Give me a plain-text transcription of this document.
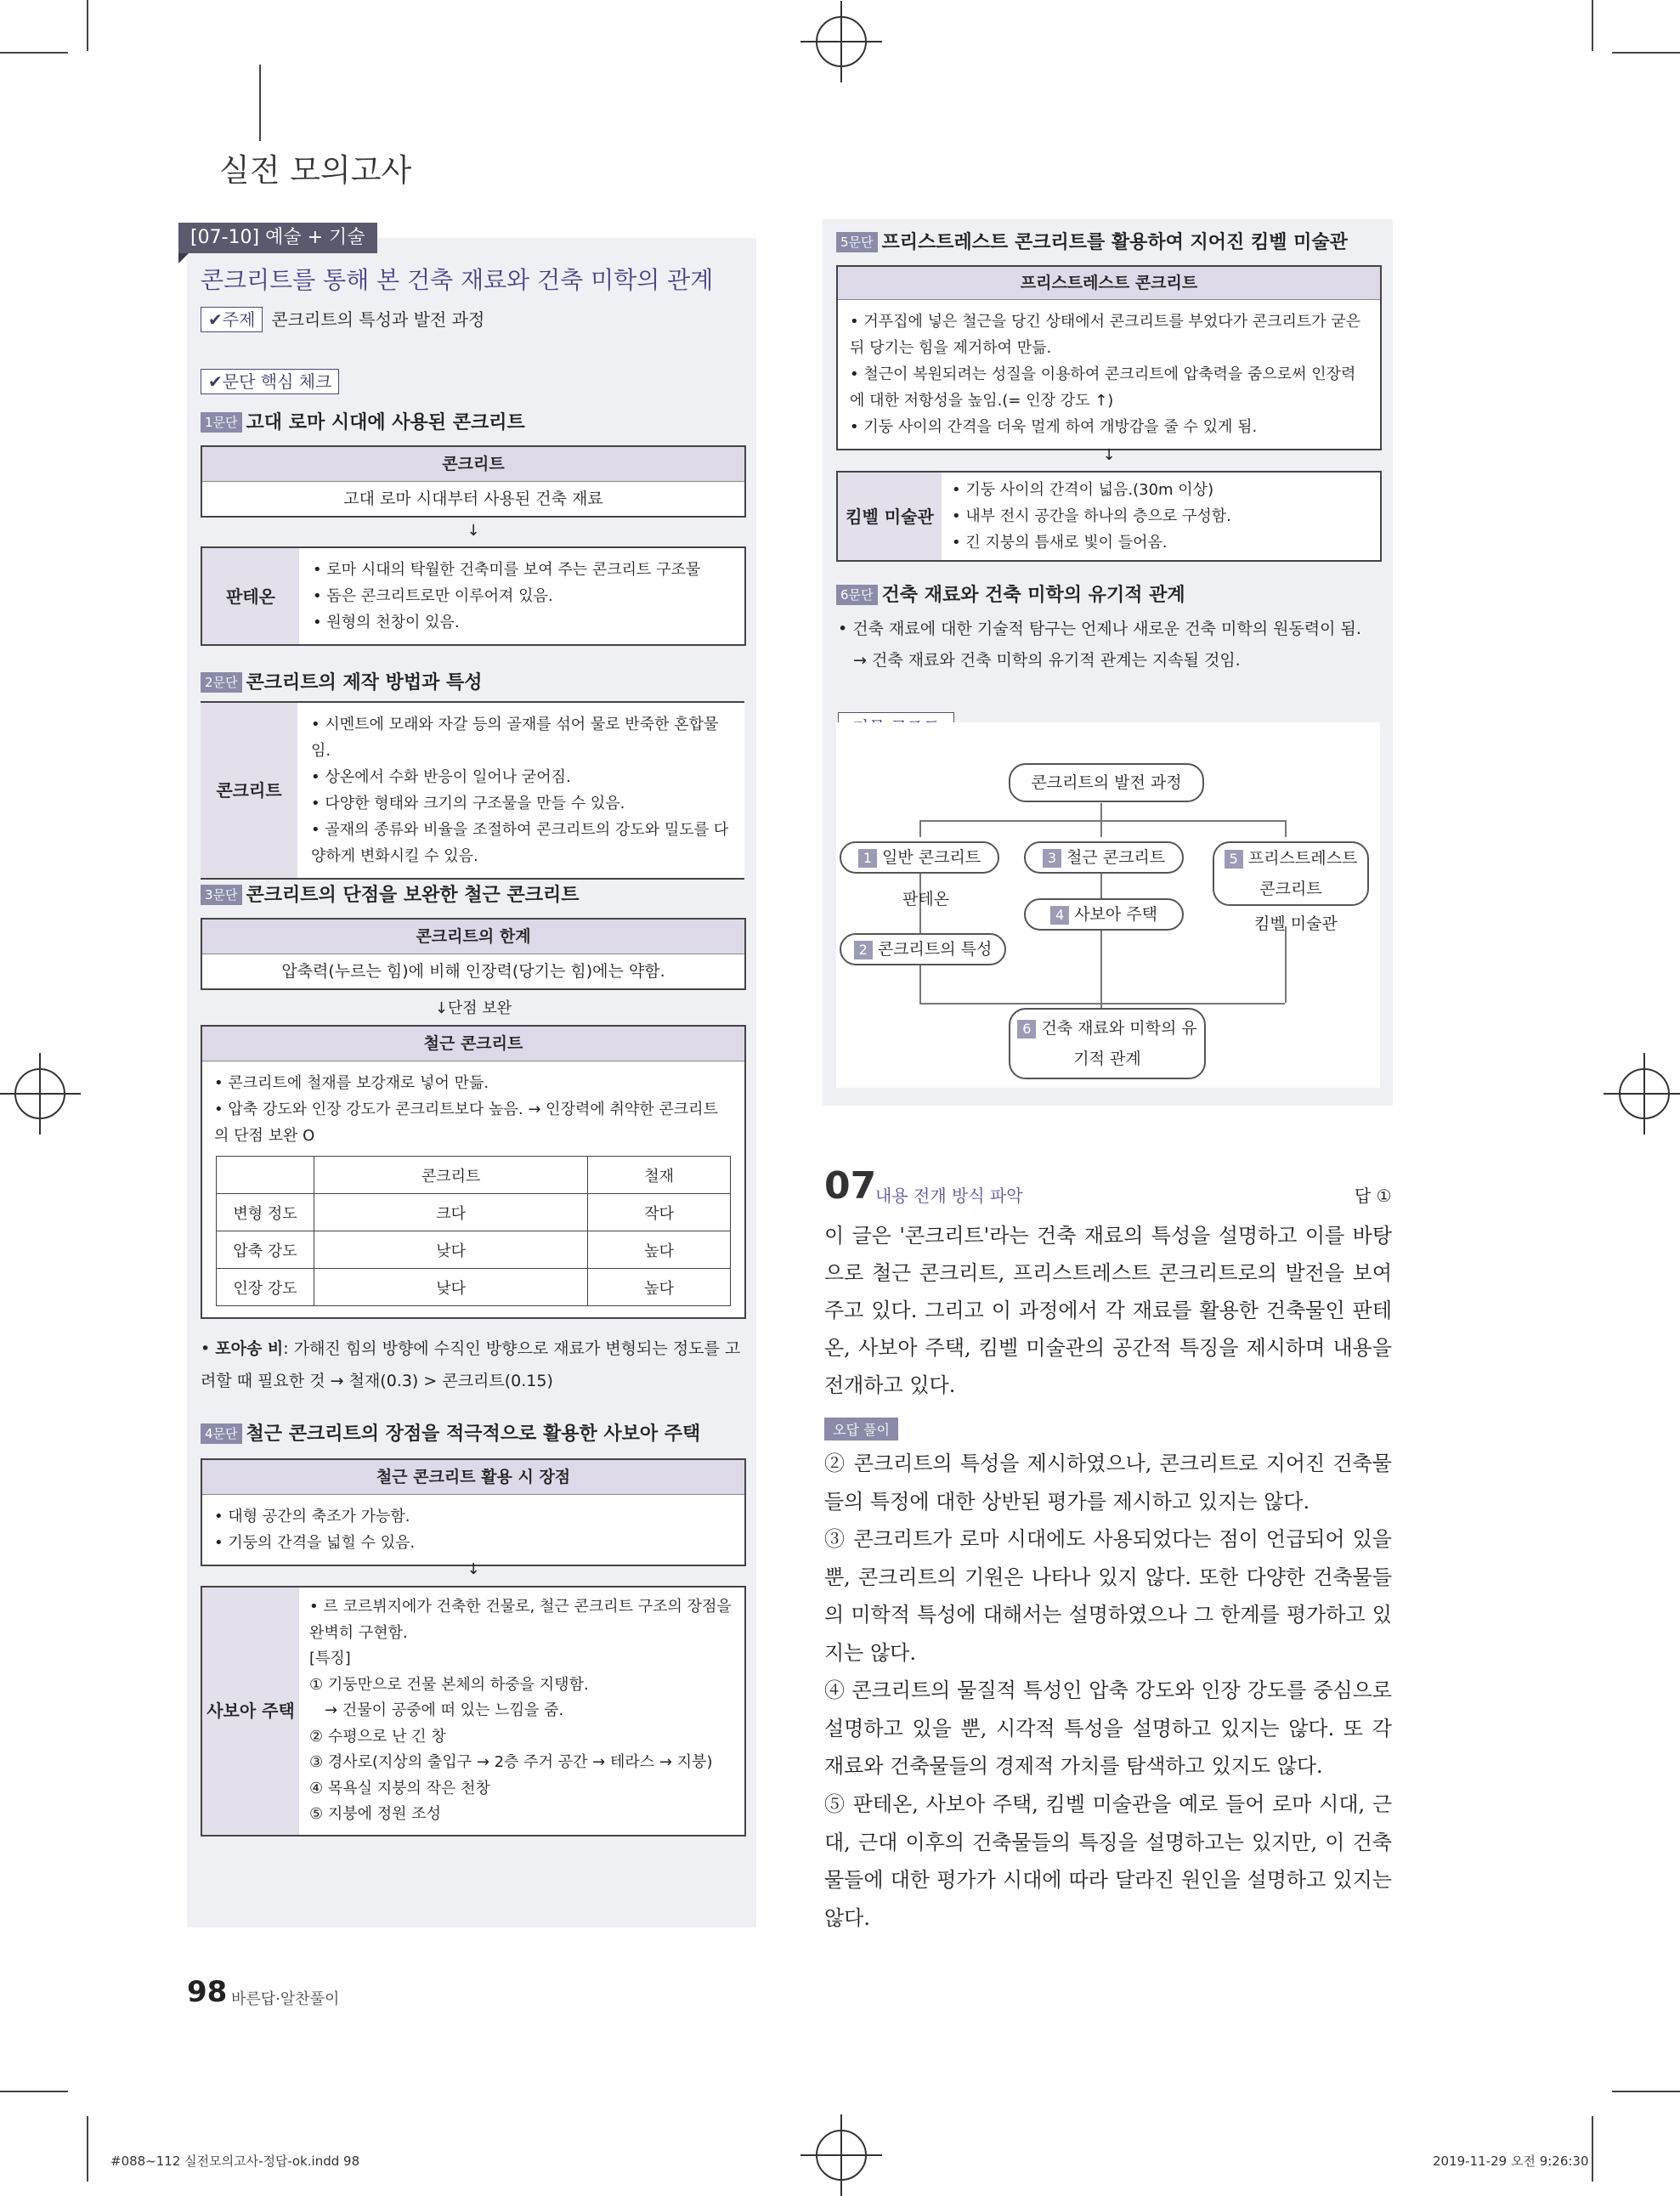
실전 모의고사
[07-10] 예술 + 기술
콘크리트를 통해 본 건축 재료와 건축 미학의 관계
✔주제 콘크리트의 특성과 발전 과정
✔문단 핵심 체크
1문단 고대 로마 시대에 사용된 콘크리트
콘크리트
고대 로마 시대부터 사용된 건축 재료
↓
판테온
• 로마 시대의 탁월한 건축미를 보여 주는 콘크리트 구조물
• 돔은 콘크리트로만 이루어져 있음.
• 원형의 천창이 있음.
2문단 콘크리트의 제작 방법과 특성
콘크리트
• 시멘트에 모래와 자갈 등의 골재를 섞어 물로 반죽한 혼합물임.
• 상온에서 수화 반응이 일어나 굳어짐.
• 다양한 형태와 크기의 구조물을 만들 수 있음.
• 골재의 종류와 비율을 조절하여 콘크리트의 강도와 밀도를 다양하게 변화시킬 수 있음.
3문단 콘크리트의 단점을 보완한 철근 콘크리트
콘크리트의 한계
압축력(누르는 힘)에 비해 인장력(당기는 힘)에는 약함.
↓단점 보완
철근 콘크리트
• 콘크리트에 철재를 보강재로 넣어 만듦.
• 압축 강도와 인장 강도가 콘크리트보다 높음. → 인장력에 취약한 콘크리트의 단점 보완 O
	콘크리트	철재
변형 정도	크다	작다
압축 강도	낮다	높다
인장 강도	낮다	높다
• 포아송 비: 가해진 힘의 방향에 수직인 방향으로 재료가 변형되는 정도를 고려할 때 필요한 것 → 철재(0.3) > 콘크리트(0.15)
4문단 철근 콘크리트의 장점을 적극적으로 활용한 사보아 주택
철근 콘크리트 활용 시 장점
• 대형 공간의 축조가 가능함.
• 기둥의 간격을 넓힐 수 있음.
↓
사보아 주택
• 르 코르뷔지에가 건축한 건물로, 철근 콘크리트 구조의 장점을 완벽히 구현함.
[특징]
① 기둥만으로 건물 본체의 하중을 지탱함.
→ 건물이 공중에 떠 있는 느낌을 줌.
② 수평으로 난 긴 창
③ 경사로(지상의 출입구 → 2층 주거 공간 → 테라스 → 지붕)
④ 목욕실 지붕의 작은 천창
⑤ 지붕에 정원 조성
5문단 프리스트레스트 콘크리트를 활용하여 지어진 킴벨 미술관
프리스트레스트 콘크리트
• 거푸집에 넣은 철근을 당긴 상태에서 콘크리트를 부었다가 콘크리트가 굳은 뒤 당기는 힘을 제거하여 만듦.
• 철근이 복원되려는 성질을 이용하여 콘크리트에 압축력을 줌으로써 인장력에 대한 저항성을 높임.(= 인장 강도 ↑)
• 기둥 사이의 간격을 더욱 멀게 하여 개방감을 줄 수 있게 됨.
↓
킴벨 미술관
• 기둥 사이의 간격이 넓음.(30m 이상)
• 내부 전시 공간을 하나의 층으로 구성함.
• 긴 지붕의 틈새로 빛이 들어옴.
6문단 건축 재료와 건축 미학의 유기적 관계
• 건축 재료에 대한 기술적 탐구는 언제나 새로운 건축 미학의 원동력이 됨.
→ 건축 재료와 건축 미학의 유기적 관계는 지속될 것임.
콘크리트의 발전 과정
1 일반 콘크리트
판테온
2 콘크리트의 특성
3 철근 콘크리트
4 사보아 주택
5 프리스트레스트 콘크리트
킴벨 미술관
6 건축 재료와 미학의 유기적 관계
07
내용 전개 방식 파악	답 ①
이 글은 '콘크리트'라는 건축 재료의 특성을 설명하고 이를 바탕으로 철근 콘크리트, 프리스트레스트 콘크리트로의 발전을 보여 주고 있다. 그리고 이 과정에서 각 재료를 활용한 건축물인 판테온, 사보아 주택, 킴벨 미술관의 공간적 특징을 제시하며 내용을 전개하고 있다.
오답 풀이
② 콘크리트의 특성을 제시하였으나, 콘크리트로 지어진 건축물들의 특정에 대한 상반된 평가를 제시하고 있지는 않다.
③ 콘크리트가 로마 시대에도 사용되었다는 점이 언급되어 있을 뿐, 콘크리트의 기원은 나타나 있지 않다. 또한 다양한 건축물들의 미학적 특성에 대해서는 설명하였으나 그 한계를 평가하고 있지는 않다.
④ 콘크리트의 물질적 특성인 압축 강도와 인장 강도를 중심으로 설명하고 있을 뿐, 시각적 특성을 설명하고 있지는 않다. 또 각 재료와 건축물들의 경제적 가치를 탐색하고 있지도 않다.
⑤ 판테온, 사보아 주택, 킴벨 미술관을 예로 들어 로마 시대, 근대, 근대 이후의 건축물들의 특징을 설명하고는 있지만, 이 건축물들에 대한 평가가 시대에 따라 달라진 원인을 설명하고 있지는 않다.
98 바른답·알찬풀이
#088~112 실전모의고사-정답-ok.indd 98	2019-11-29 오전 9:26:30
